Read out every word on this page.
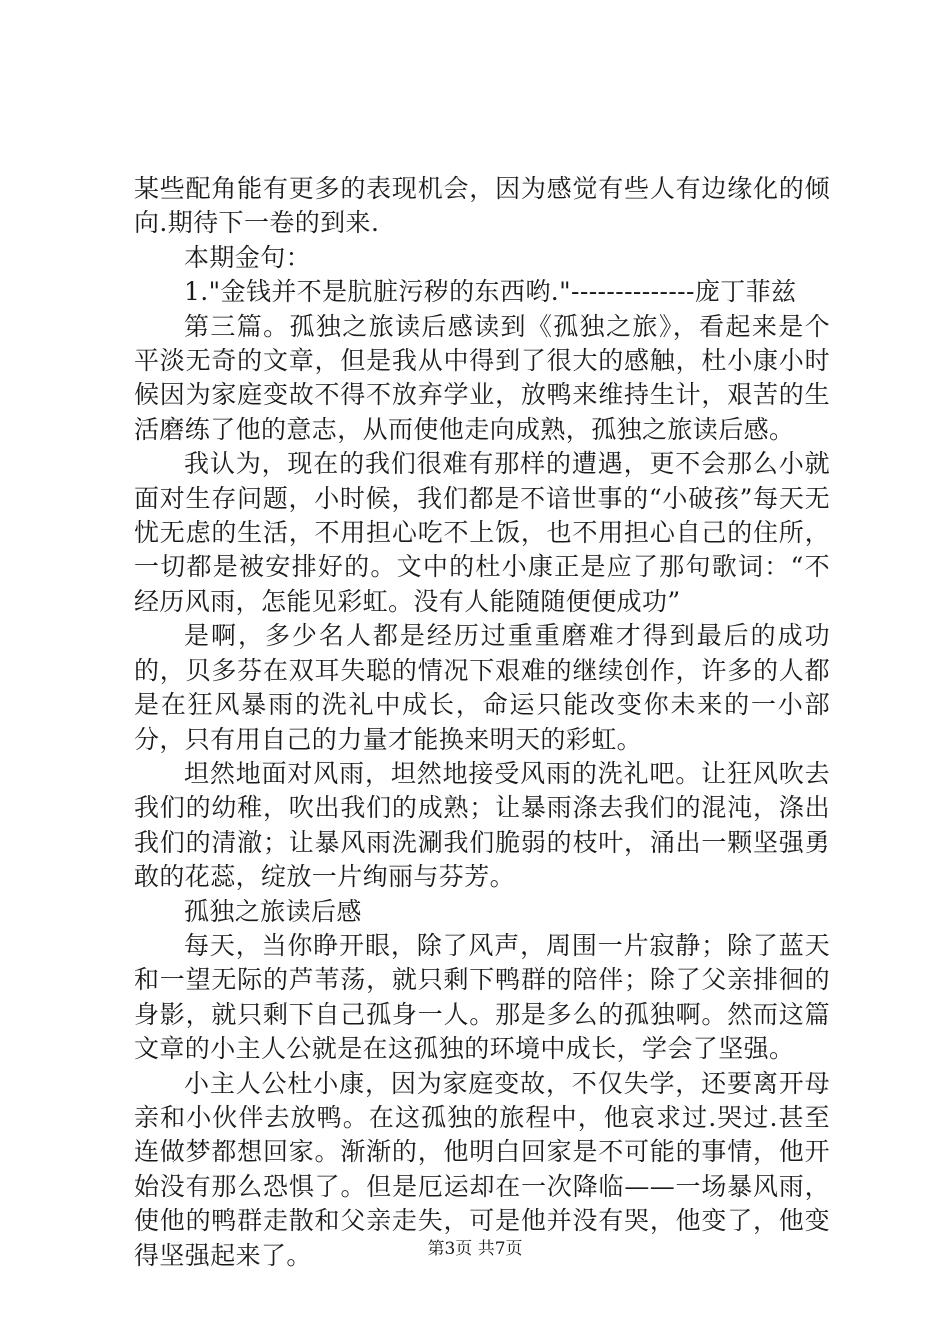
某些配角能有更多的表现机会，因为感觉有些人有边缘化的倾向.期待下一卷的到来.

本期金句：

1."金钱并不是肮脏污秽的东西哟."--------------庞丁菲兹

第三篇。孤独之旅读后感读到《孤独之旅》，看起来是个平淡无奇的文章，但是我从中得到了很大的感触，杜小康小时候因为家庭变故不得不放弃学业，放鸭来维持生计，艰苦的生活磨练了他的意志，从而使他走向成熟，孤独之旅读后感。

我认为，现在的我们很难有那样的遭遇，更不会那么小就面对生存问题，小时候，我们都是不谙世事的“小破孩”每天无忧无虑的生活，不用担心吃不上饭，也不用担心自己的住所，一切都是被安排好的。文中的杜小康正是应了那句歌词：“不经历风雨，怎能见彩虹。没有人能随随便便成功”

是啊，多少名人都是经历过重重磨难才得到最后的成功的，贝多芬在双耳失聪的情况下艰难的继续创作，许多的人都是在狂风暴雨的洗礼中成长，命运只能改变你未来的一小部分，只有用自己的力量才能换来明天的彩虹。

坦然地面对风雨，坦然地接受风雨的洗礼吧。让狂风吹去我们的幼稚，吹出我们的成熟；让暴雨涤去我们的混沌，涤出我们的清澈；让暴风雨洗涮我们脆弱的枝叶，涌出一颗坚强勇敢的花蕊，绽放一片绚丽与芬芳。

孤独之旅读后感

每天，当你睁开眼，除了风声，周围一片寂静；除了蓝天和一望无际的芦苇荡，就只剩下鸭群的陪伴；除了父亲排徊的身影，就只剩下自己孤身一人。那是多么的孤独啊。然而这篇文章的小主人公就是在这孤独的环境中成长，学会了坚强。

小主人公杜小康，因为家庭变故，不仅失学，还要离开母亲和小伙伴去放鸭。在这孤独的旅程中，他哀求过.哭过.甚至连做梦都想回家。渐渐的，他明白回家是不可能的事情，他开始没有那么恐惧了。但是厄运却在一次降临——一场暴风雨，使他的鸭群走散和父亲走失，可是他并没有哭，他变了，他变得坚强起来了。	第3页 共7页
